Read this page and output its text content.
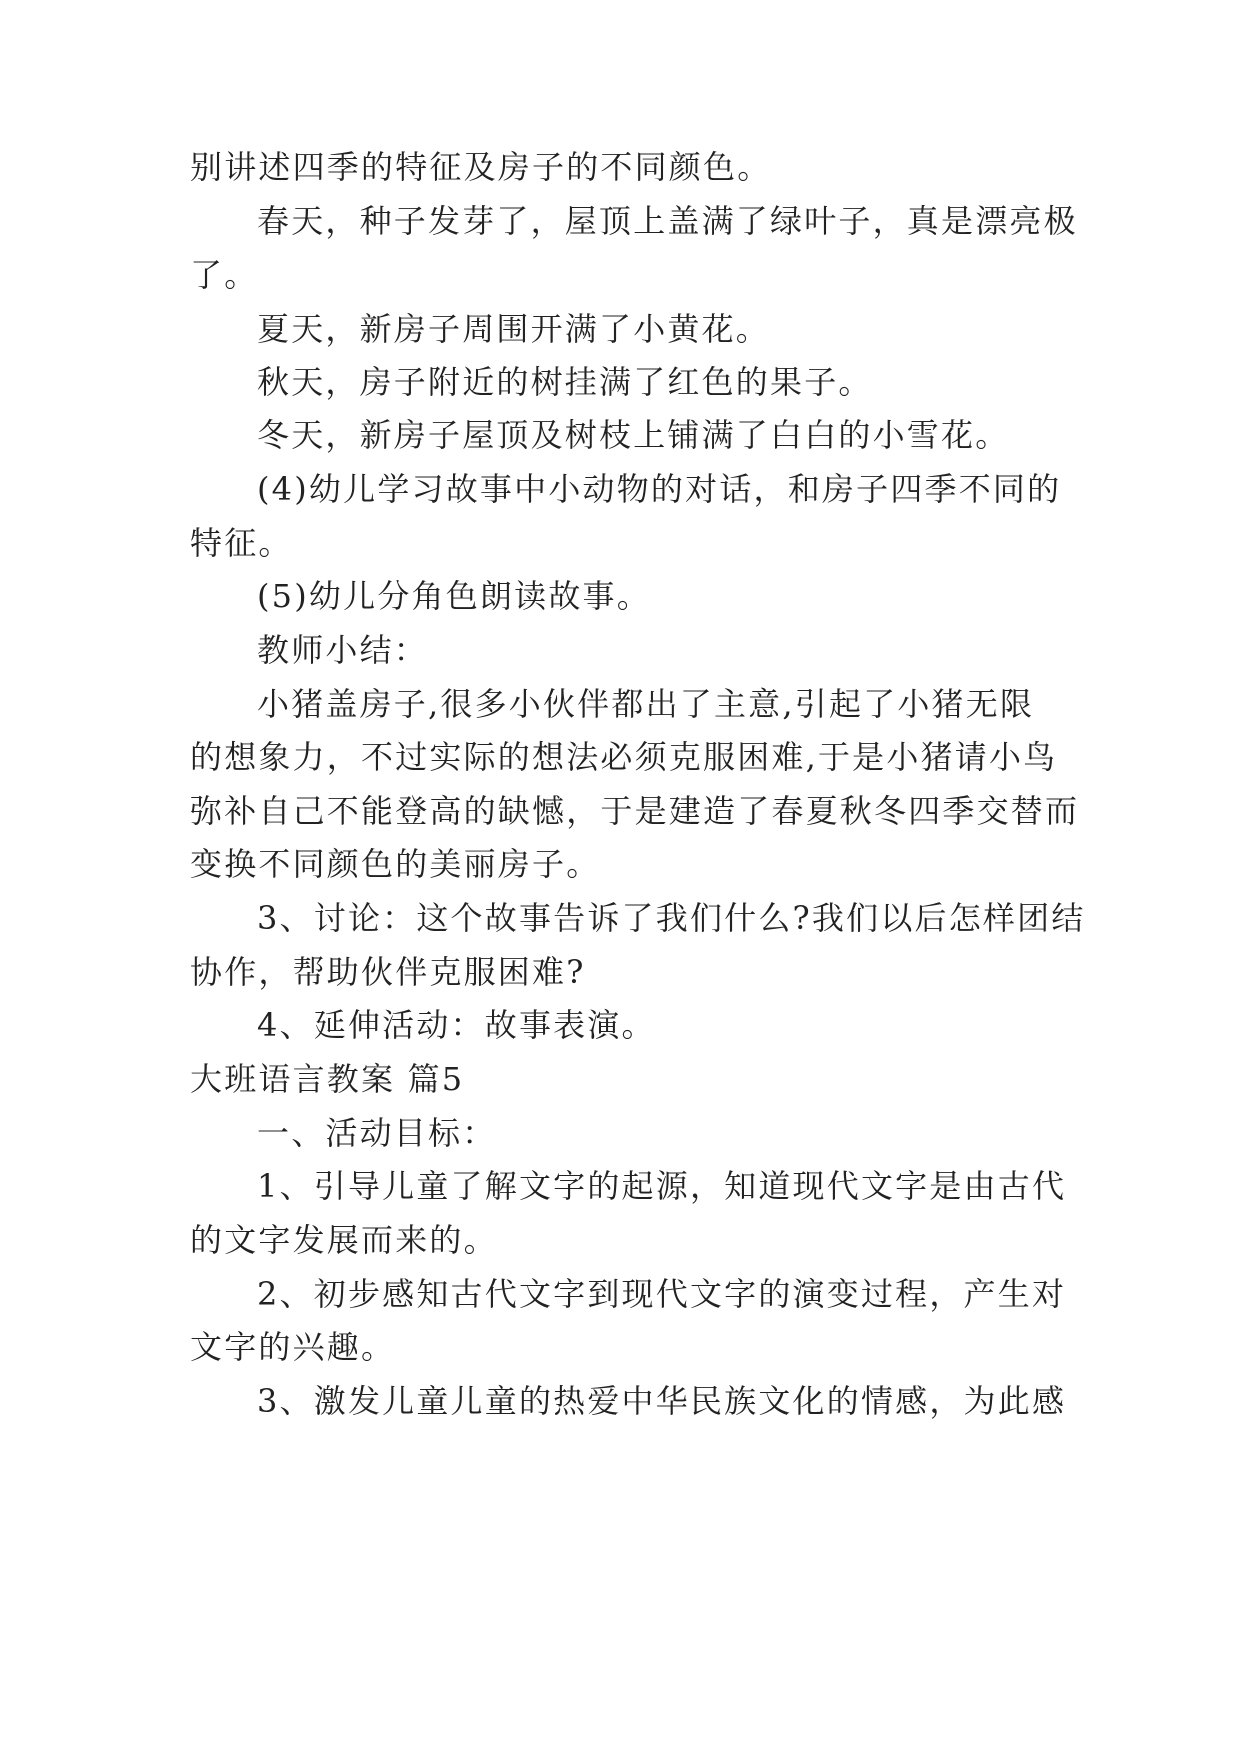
别讲述四季的特征及房子的不同颜色。
春天，种子发芽了，屋顶上盖满了绿叶子，真是漂亮极
了。
夏天，新房子周围开满了小黄花。
秋天，房子附近的树挂满了红色的果子。
冬天，新房子屋顶及树枝上铺满了白白的小雪花。
(4)幼儿学习故事中小动物的对话，和房子四季不同的
特征。
(5)幼儿分角色朗读故事。
教师小结：
小猪盖房子,很多小伙伴都出了主意,引起了小猪无限
的想象力，不过实际的想法必须克服困难,于是小猪请小鸟
弥补自己不能登高的缺憾，于是建造了春夏秋冬四季交替而
变换不同颜色的美丽房子。
3、讨论：这个故事告诉了我们什么?我们以后怎样团结
协作，帮助伙伴克服困难?
4、延伸活动：故事表演。
大班语言教案 篇5
一、活动目标：
1、引导儿童了解文字的起源，知道现代文字是由古代
的文字发展而来的。
2、初步感知古代文字到现代文字的演变过程，产生对
文字的兴趣。
3、激发儿童儿童的热爱中华民族文化的情感，为此感
